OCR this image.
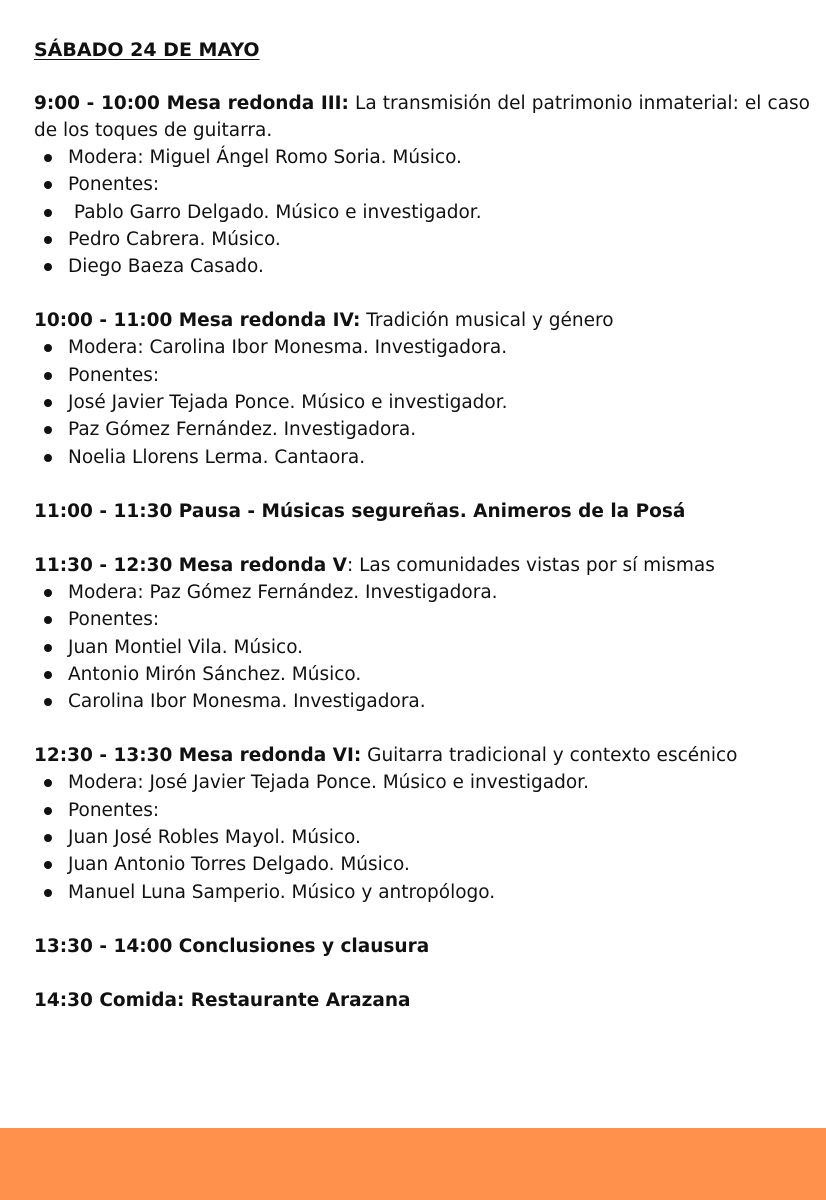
SÁBADO 24 DE MAYO

9:00 - 10:00 Mesa redonda III: La transmisión del patrimonio inmaterial: el caso de los toques de guitarra.

Modera: Miguel Ángel Romo Soria. Músico.
Ponentes:
Pablo Garro Delgado. Músico e investigador.
Pedro Cabrera. Músico.
Diego Baeza Casado.

10:00 - 11:00 Mesa redonda IV: Tradición musical y género

Modera: Carolina Ibor Monesma. Investigadora.
Ponentes:
José Javier Tejada Ponce. Músico e investigador.
Paz Gómez Fernández. Investigadora.
Noelia Llorens Lerma. Cantaora.

11:00 - 11:30 Pausa - Músicas segureñas. Animeros de la Posá

11:30 - 12:30 Mesa redonda V: Las comunidades vistas por sí mismas

Modera: Paz Gómez Fernández. Investigadora.
Ponentes:
Juan Montiel Vila. Músico.
Antonio Mirón Sánchez. Músico.
Carolina Ibor Monesma. Investigadora.

12:30 - 13:30 Mesa redonda VI: Guitarra tradicional y contexto escénico

Modera: José Javier Tejada Ponce. Músico e investigador.
Ponentes:
Juan José Robles Mayol. Músico.
Juan Antonio Torres Delgado. Músico.
Manuel Luna Samperio. Músico y antropólogo.

13:30 - 14:00 Conclusiones y clausura

14:30 Comida: Restaurante Arazana
